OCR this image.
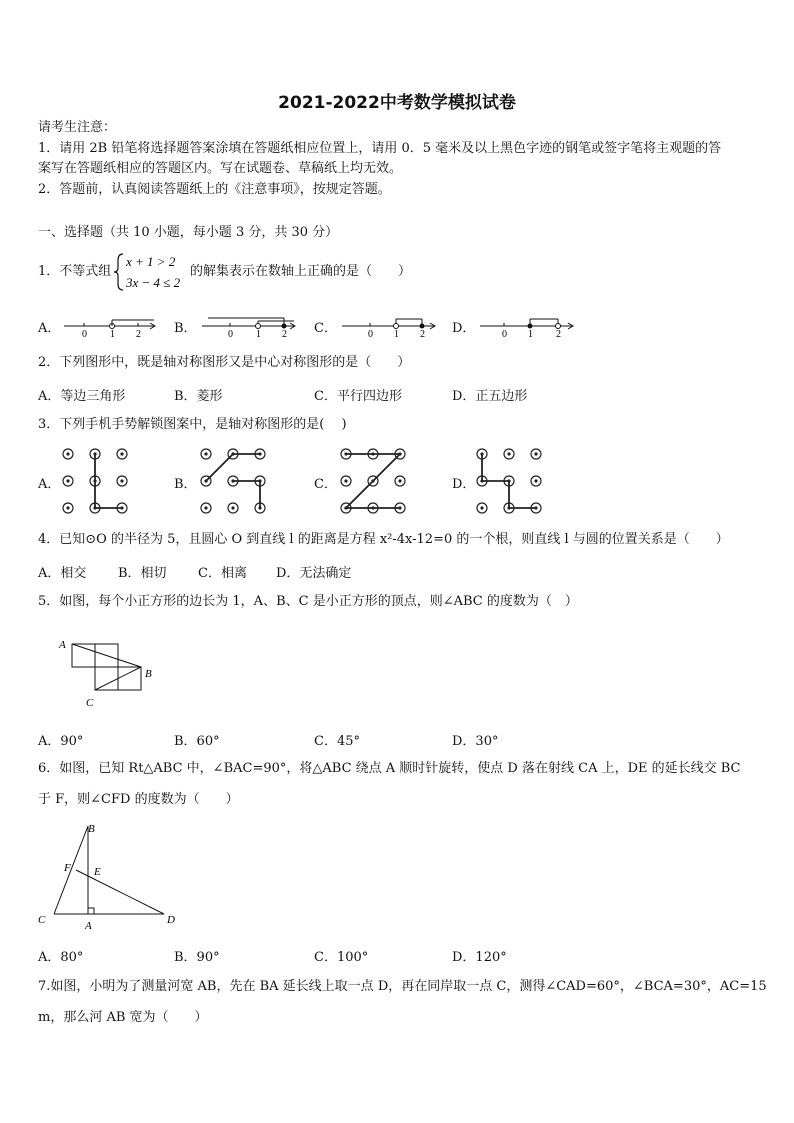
2021-2022中考数学模拟试卷
请考生注意：
1．请用 2B 铅笔将选择题答案涂填在答题纸相应位置上，请用 0．5 毫米及以上黑色字迹的钢笔或签字笔将主观题的答
案写在答题纸相应的答题区内。写在试题卷、草稿纸上均无效。
2．答题前，认真阅读答题纸上的《注意事项》，按规定答题。
一、选择题（共 10 小题，每小题 3 分，共 30 分）
1．不等式组
x + 1 > 2
3x − 4 ≤ 2
的解集表示在数轴上正确的是（　　）
A． 0 1 2	B．	0 1 2 C．	0 1 2 D．	0 1 2
2．下列图形中，既是轴对称图形又是中心对称图形的是（　　）
A．等边三角形	B．菱形	C．平行四边形	D．正五边形
3．下列手机手势解锁图案中，是轴对称图形的是(　 )
A．	B．	C．	D．
4．已知⊙O 的半径为 5，且圆心 O 到直线 l 的距离是方程 x²-4x-12=0 的一个根，则直线 l 与圆的位置关系是（　　）
A．相交 B．相切 C．相离 D．无法确定
5．如图，每个小正方形的边长为 1，A、B、C 是小正方形的顶点，则∠ABC 的度数为（　）
A
B
C
A．90°	B．60°	C．45°	D．30°
6．如图，已知 Rt△ABC 中，∠BAC=90°，将△ABC 绕点 A 顺时针旋转，使点 D 落在射线 CA 上，DE 的延长线交 BC
于 F，则∠CFD 的度数为（　　）
B
F E
C	A	D
A．80°	B．90°	C．100°	D．120°
7.如图，小明为了测量河宽 AB，先在 BA 延长线上取一点 D，再在同岸取一点 C，测得∠CAD=60°，∠BCA=30°，AC=15
m，那么河 AB 宽为（　　）
